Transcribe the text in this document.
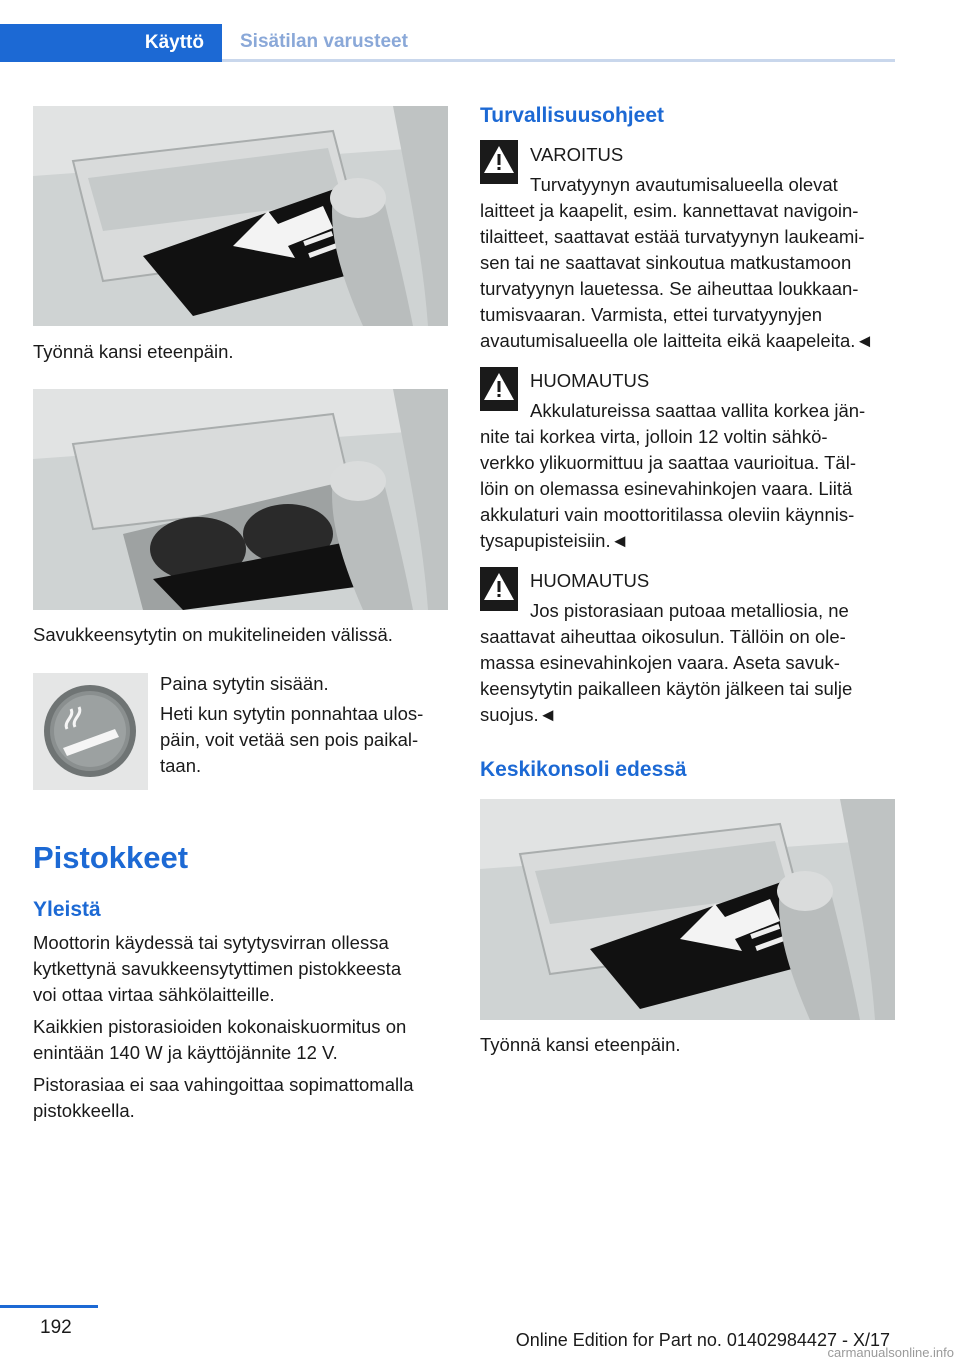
Käyttö Sisätilan varusteet

Työnnä kansi eteenpäin.

Savukkeensytytin on mukitelineiden välissä.

Paina sytytin sisään.

Heti kun sytytin ponnahtaa ulos-
päin, voit vetää sen pois paikal-
taan.

Pistokkeet
Yleistä

Moottorin käydessä tai sytytysvirran ollessa
kytkettynä savukkeensytyttimen pistokkeesta
voi ottaa virtaa sähkölaitteille.

Kaikkien pistorasioiden kokonaiskuormitus on
enintään 140 W ja käyttöjännite 12 V.

Pistorasiaa ei saa vahingoittaa sopimattomalla
pistokkeella.

Turvallisuusohjeet

VAROITUS

Turvatyynyn avautumisalueella olevat
laitteet ja kaapelit, esim. kannettavat navigoin-
tilaitteet, saattavat estää turvatyynyn laukeami-
sen tai ne saattavat sinkoutua matkustamoon
turvatyynyn lauetessa. Se aiheuttaa loukkaan-
tumisvaaran. Varmista, ettei turvatyynyjen
avautumisalueella ole laitteita eikä kaapeleita.◄

HUOMAUTUS

Akkulatureissa saattaa vallita korkea jän-
nite tai korkea virta, jolloin 12 voltin sähkö-
verkko ylikuormittuu ja saattaa vaurioitua. Täl-
löin on olemassa esinevahinkojen vaara. Liitä
akkulaturi vain moottoritilassa oleviin käynnis-
tysapupisteisiin.◄

HUOMAUTUS

Jos pistorasiaan putoaa metalliosia, ne
saattavat aiheuttaa oikosulun. Tällöin on ole-
massa esinevahinkojen vaara. Aseta savuk-
keensytytin paikalleen käytön jälkeen tai sulje
suojus.◄

Keskikonsoli edessä

Työnnä kansi eteenpäin.

192
Online Edition for Part no. 01402984427 - X/17
carmanualsonline.info
